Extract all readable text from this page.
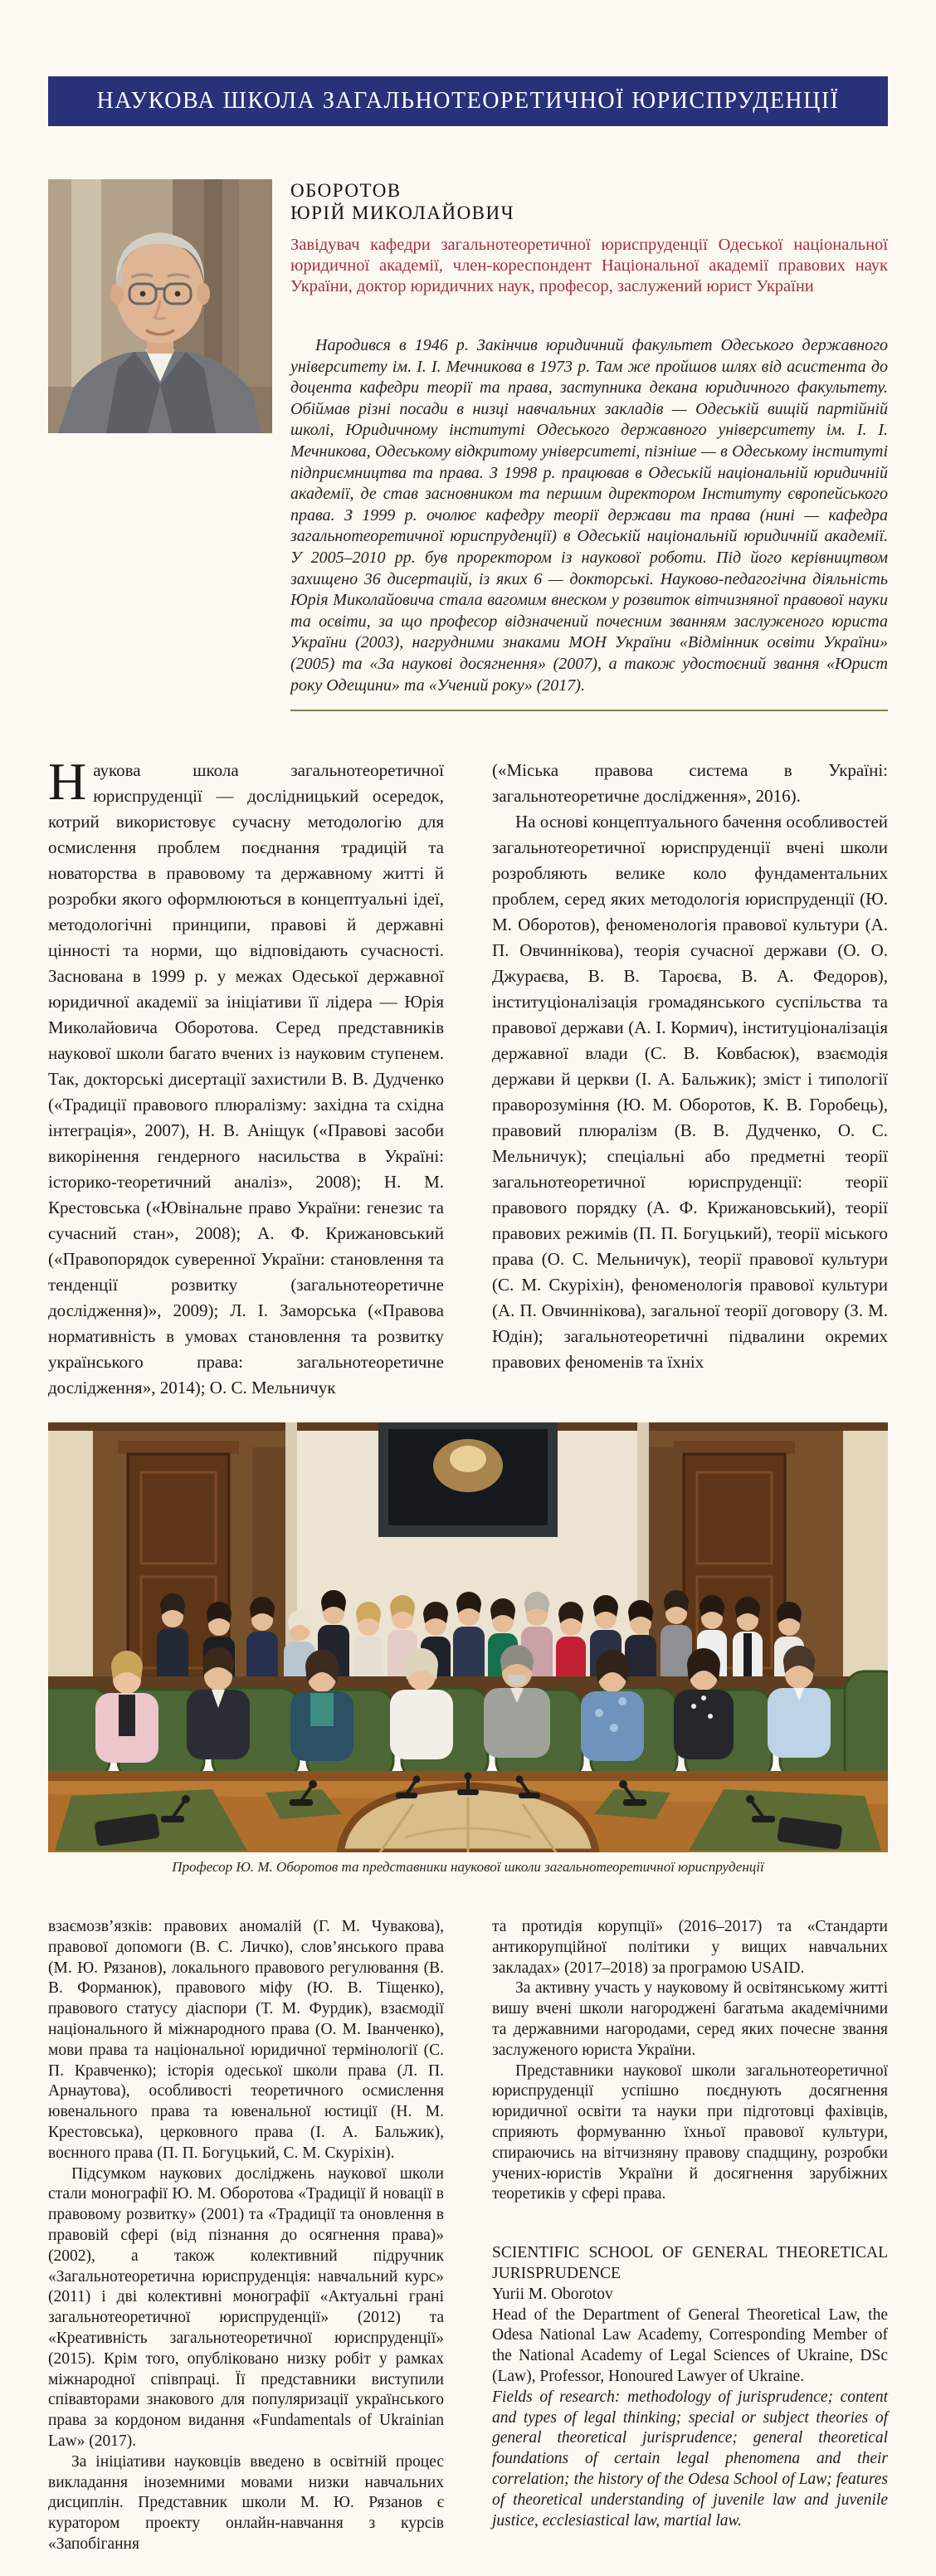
НАУКОВА ШКОЛА ЗАГАЛЬНОТЕОРЕТИЧНОЇ ЮРИСПРУДЕНЦІЇ
ОБОРОТОВ
ЮРІЙ МИКОЛАЙОВИЧ
Завідувач кафедри загальнотеоретичної юриспруденції Одеської національної юридичної академії, член-кореспондент Національної академії правових наук України, доктор юридичних наук, професор, заслужений юрист України
Народився в 1946 р. Закінчив юридичний факультет Одеського державного університету ім. І. І. Мечникова в 1973 р. Там же пройшов шлях від асистента до доцента кафедри теорії та права, заступника декана юридичного факультету. Обіймав різні посади в низці навчальних закладів — Одеській вищій партійній школі, Юридичному інституті Одеського державного університету ім. І. І. Мечникова, Одеському відкритому університеті, пізніше — в Одеському інституті підприємництва та права. З 1998 р. працював в Одеській національній юридичній академії, де став засновником та першим директором Інституту європейського права. З 1999 р. очолює кафедру теорії держави та права (нині — кафедра загальнотеоретичної юриспруденції) в Одеській національній юридичній академії. У 2005–2010 рр. був проректором із наукової роботи. Під його керівництвом захищено 36 дисертацій, із яких 6 — докторські. Науково-педагогічна діяльність Юрія Миколайовича стала вагомим внеском у розвиток вітчизняної правової науки та освіти, за що професор відзначений почесним званням заслуженого юриста України (2003), нагрудними знаками МОН України «Відмінник освіти України» (2005) та «За наукові досягнення» (2007), а також удостоєний звання «Юрист року Одещини» та «Учений року» (2017).

Наукова школа загальнотеоретичної юриспруденції — дослідницький осередок, котрий використовує сучасну методологію для осмислення проблем поєднання традицій та новаторства в правовому та державному житті й розробки якого оформлюються в концептуальні ідеї, методологічні принципи, правові й державні цінності та норми, що відповідають сучасності. Заснована в 1999 р. у межах Одеської державної юридичної академії за ініціативи її лідера — Юрія Миколайовича Оборотова. Серед представників наукової школи багато вчених із науковим ступенем. Так, докторські дисертації захистили В. В. Дудченко («Традиції правового плюралізму: західна та східна інтеграція», 2007), Н. В. Аніщук («Правові засоби викорінення гендерного насильства в Україні: історико-теоретичний аналіз», 2008); Н. М. Крестовська («Ювінальне право України: генезис та сучасний стан», 2008); А. Ф. Крижановський («Правопорядок суверенної України: становлення та тенденції розвитку (загальнотеоретичне дослідження)», 2009); Л. І. Заморська («Правова нормативність в умовах становлення та розвитку українського права: загальнотеоретичне дослідження», 2014); О. С. Мельничук

(«Міська правова система в Україні: загальнотеоретичне дослідження», 2016).

На основі концептуального бачення особливостей загальнотеоретичної юриспруденції вчені школи розробляють велике коло фундаментальних проблем, серед яких методологія юриспруденції (Ю. М. Оборотов), феноменологія правової культури (А. П. Овчиннікова), теорія сучасної держави (О. О. Джураєва, В. В. Тароєва, В. А. Федоров), інституціоналізація громадянського суспільства та правової держави (А. І. Кормич), інституціоналізація державної влади (С. В. Ковбасюк), взаємодія держави й церкви (І. А. Бальжик); зміст і типології праворозуміння (Ю. М. Оборотов, К. В. Горобець), правовий плюралізм (В. В. Дудченко, О. С. Мельничук); спеціальні або предметні теорії загальнотеоретичної юриспруденції: теорії правового порядку (А. Ф. Крижановський), теорії правових режимів (П. П. Богуцький), теорії міського права (О. С. Мельничук), теорії правової культури (С. М. Скуріхін), феноменологія правової культури (А. П. Овчиннікова), загальної теорії договору (З. М. Юдін); загальнотеоретичні підвалини окремих правових феноменів та їхніх

Професор Ю. М. Оборотов та представники наукової школи загальнотеоретичної юриспруденції

взаємозв’язків: правових аномалій (Г. М. Чувакова), правової допомоги (В. С. Личко), слов’янського права (М. Ю. Рязанов), локального правового регулювання (В. В. Форманюк), правового міфу (Ю. В. Тіщенко), правового статусу діаспори (Т. М. Фурдик), взаємодії національного й міжнародного права (О. М. Іванченко), мови права та національної юридичної термінології (С. П. Кравченко); історія одеської школи права (Л. П. Арнаутова), особливості теоретичного осмислення ювенального права та ювенальної юстиції (Н. М. Крестовська), церковного права (І. А. Бальжик), воєнного права (П. П. Богуцький, С. М. Скуріхін).

Підсумком наукових досліджень наукової школи стали монографії Ю. М. Оборотова «Традиції й новації в правовому розвитку» (2001) та «Традиції та оновлення в правовій сфері (від пізнання до осягнення права)» (2002), а також колективний підручник «Загальнотеоретична юриспруденція: навчальний курс» (2011) і дві колективні монографії «Актуальні грані загальнотеоретичної юриспруденції» (2012) та «Креативність загальнотеоретичної юриспруденції» (2015). Крім того, опубліковано низку робіт у рамках міжнародної співпраці. Її представники виступили співавторами знакового для популяризації українського права за кордоном видання «Fundamentals of Ukrainian Law» (2017).

За ініціативи науковців введено в освітній процес викладання іноземними мовами низки навчальних дисциплін. Представник школи М. Ю. Рязанов є куратором проекту онлайн-навчання з курсів «Запобігання

та протидія корупції» (2016–2017) та «Стандарти антикорупційної політики у вищих навчальних закладах» (2017–2018) за програмою USAID.

За активну участь у науковому й освітянському житті вишу вчені школи нагороджені багатьма академічними та державними нагородами, серед яких почесне звання заслуженого юриста України.

Представники наукової школи загальнотеоретичної юриспруденції успішно поєднують досягнення юридичної освіти та науки при підготовці фахівців, сприяють формуванню їхньої правової культури, спираючись на вітчизняну правову спадщину, розробки учених-юристів України й досягнення зарубіжних теоретиків у сфері права.

SCIENTIFIC SCHOOL OF GENERAL THEORETICAL JURISPRUDENCE
Yurii M. Oborotov
Head of the Department of General Theoretical Law, the Odesa National Law Academy, Corresponding Member of the National Academy of Legal Sciences of Ukraine, DSc (Law), Professor, Honoured Lawyer of Ukraine.
Fields of research: methodology of jurisprudence; content and types of legal thinking; special or subject theories of general theoretical jurisprudence; general theoretical foundations of certain legal phenomena and their correlation; the history of the Odesa School of Law; features of theoretical understanding of juvenile law and juvenile justice, ecclesiastical law, martial law.
